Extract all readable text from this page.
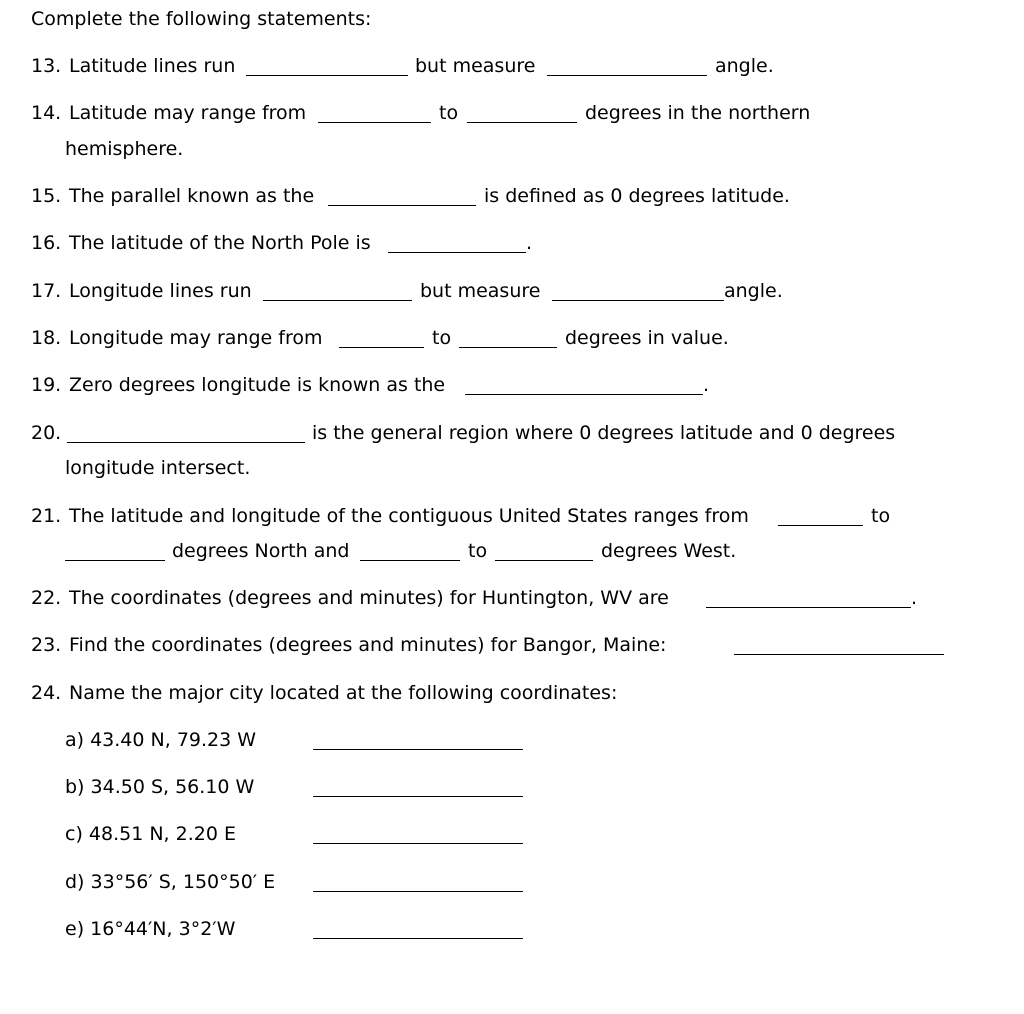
Complete the following statements:
13. Latitude lines run	but measure	angle.
14. Latitude may range from	to	degrees in the northern
hemisphere.
15. The parallel known as the	is defined as 0 degrees latitude.
16. The latitude of the North Pole is	.
17. Longitude lines run	but measure	angle.
18. Longitude may range from	to	degrees in value.
19. Zero degrees longitude is known as the	.
20.	is the general region where 0 degrees latitude and 0 degrees
longitude intersect.
21. The latitude and longitude of the contiguous United States ranges from	to
degrees North and	to	degrees West.
22. The coordinates (degrees and minutes) for Huntington, WV are	.
23. Find the coordinates (degrees and minutes) for Bangor, Maine:
24. Name the major city located at the following coordinates:
a) 43.40 N, 79.23 W
b) 34.50 S, 56.10 W
c) 48.51 N, 2.20 E
d) 33°56′ S, 150°50′ E
e) 16°44′N, 3°2′W
